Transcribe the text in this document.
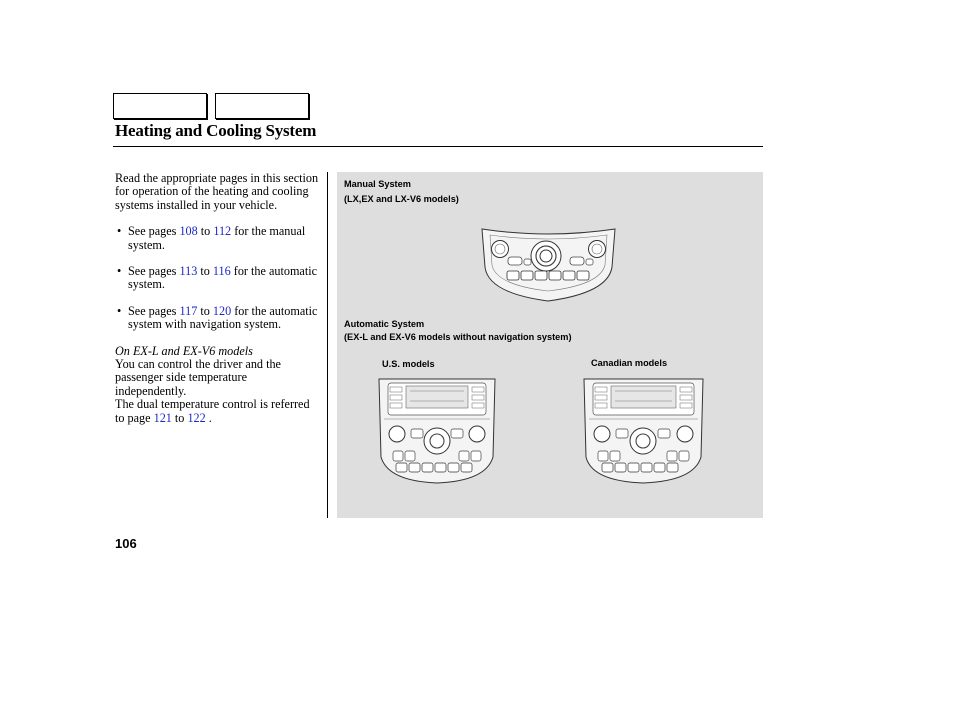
Heating and Cooling System

Read the appropriate pages in this section for operation of the heating and cooling systems installed in your vehicle.

• See pages 108 to 112 for the manual system.

• See pages 113 to 116 for the automatic system.

• See pages 117 to 120 for the automatic system with navigation system.

On EX-L and EX-V6 models

You can control the driver and the passenger side temperature independently.

The dual temperature control is referred to page 121 to 122 .

Manual System
(LX,EX and LX-V6 models)
Automatic System
(EX-L and EX-V6 models without navigation system)
U.S. models	Canadian models
106
